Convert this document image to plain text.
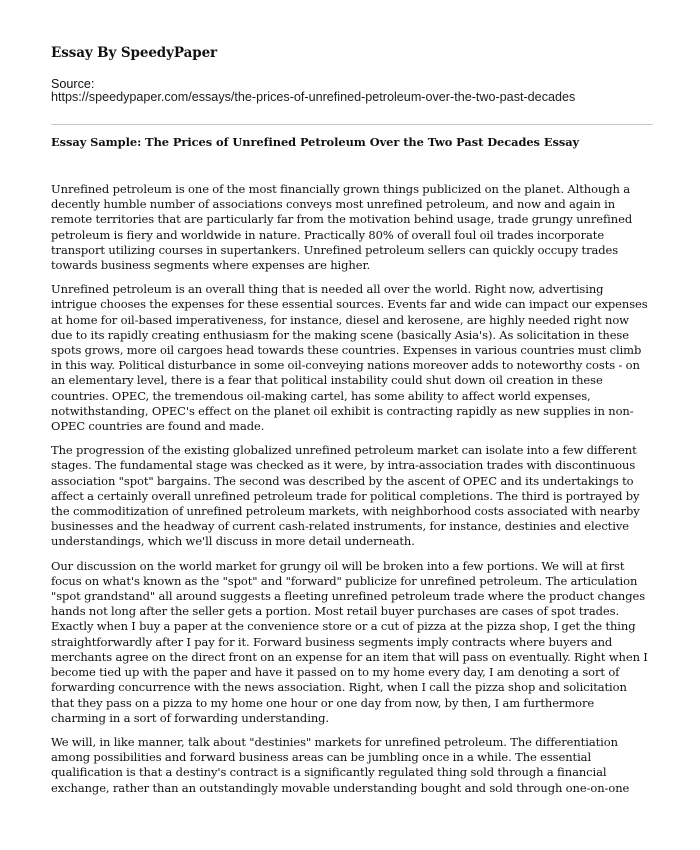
Essay By SpeedyPaper
Source:
https://speedypaper.com/essays/the-prices-of-unrefined-petroleum-over-the-two-past-decades
Essay Sample: The Prices of Unrefined Petroleum Over the Two Past Decades Essay

Unrefined petroleum is one of the most financially grown things publicized on the planet. Although a decently humble number of associations conveys most unrefined petroleum, and now and again in remote territories that are particularly far from the motivation behind usage, trade grungy unrefined petroleum is fiery and worldwide in nature. Practically 80% of overall foul oil trades incorporate transport utilizing courses in supertankers. Unrefined petroleum sellers can quickly occupy trades towards business segments where expenses are higher.

Unrefined petroleum is an overall thing that is needed all over the world. Right now, advertising intrigue chooses the expenses for these essential sources. Events far and wide can impact our expenses at home for oil-based imperativeness, for instance, diesel and kerosene, are highly needed right now due to its rapidly creating enthusiasm for the making scene (basically Asia's). As solicitation in these spots grows, more oil cargoes head towards these countries. Expenses in various countries must climb in this way. Political disturbance in some oil-conveying nations moreover adds to noteworthy costs - on an elementary level, there is a fear that political instability could shut down oil creation in these countries. OPEC, the tremendous oil-making cartel, has some ability to affect world expenses, notwithstanding, OPEC's effect on the planet oil exhibit is contracting rapidly as new supplies in non-OPEC countries are found and made.

The progression of the existing globalized unrefined petroleum market can isolate into a few different stages. The fundamental stage was checked as it were, by intra-association trades with discontinuous association "spot" bargains. The second was described by the ascent of OPEC and its undertakings to affect a certainly overall unrefined petroleum trade for political completions. The third is portrayed by the commoditization of unrefined petroleum markets, with neighborhood costs associated with nearby businesses and the headway of current cash-related instruments, for instance, destinies and elective understandings, which we'll discuss in more detail underneath.

Our discussion on the world market for grungy oil will be broken into a few portions. We will at first focus on what's known as the "spot" and "forward" publicize for unrefined petroleum. The articulation "spot grandstand" all around suggests a fleeting unrefined petroleum trade where the product changes hands not long after the seller gets a portion. Most retail buyer purchases are cases of spot trades. Exactly when I buy a paper at the convenience store or a cut of pizza at the pizza shop, I get the thing straightforwardly after I pay for it. Forward business segments imply contracts where buyers and merchants agree on the direct front on an expense for an item that will pass on eventually. Right when I become tied up with the paper and have it passed on to my home every day, I am denoting a sort of forwarding concurrence with the news association. Right, when I call the pizza shop and solicitation that they pass on a pizza to my home one hour or one day from now, by then, I am furthermore charming in a sort of forwarding understanding.

We will, in like manner, talk about "destinies" markets for unrefined petroleum. The differentiation among possibilities and forward business areas can be jumbling once in a while. The essential qualification is that a destiny's contract is a significantly regulated thing sold through a financial exchange, rather than an outstandingly movable understanding bought and sold through one-on-one
